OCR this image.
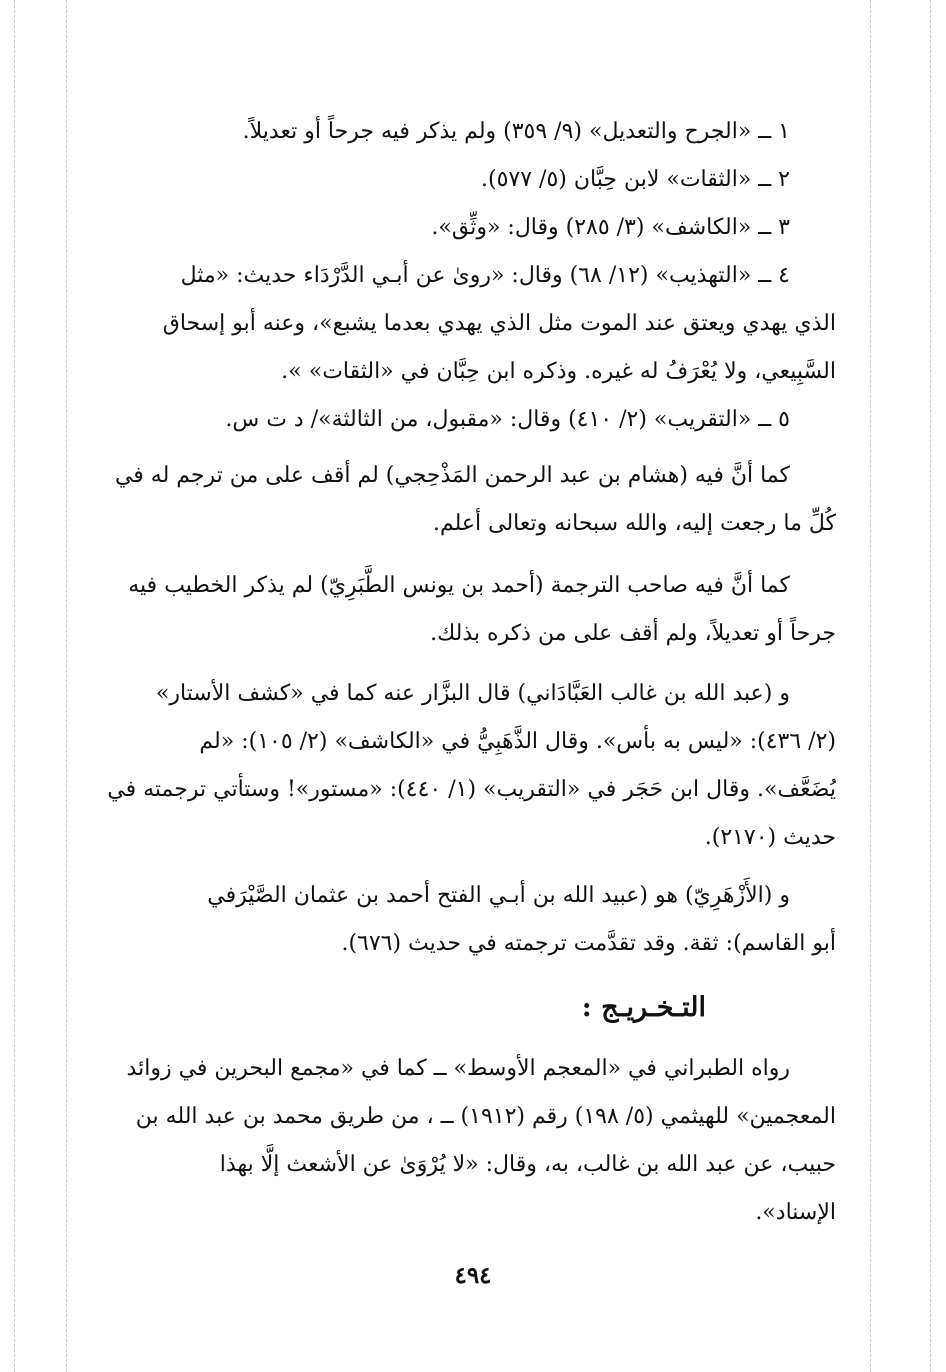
١ ــ «الجرح والتعديل» (٩/ ٣٥٩) ولم يذكر فيه جرحاً أو تعديلاً.
٢ ــ «الثقات» لابن حِبَّان (٥/ ٥٧٧).
٣ ــ «الكاشف» (٣/ ٢٨٥) وقال: «وثِّق».
٤ ــ «التهذيب» (١٢/ ٦٨) وقال: «روىٰ عن أبـي الدَّرْدَاء حديث: «مثل
الذي يهدي ويعتق عند الموت مثل الذي يهدي بعدما يشبع»، وعنه أبو إسحاق
السَّبِيعي، ولا يُعْرَفُ له غيره. وذكره ابن حِبَّان في «الثقات» ».
٥ ــ «التقريب» (٢/ ٤١٠) وقال: «مقبول، من الثالثة»/ د ت س.
كما أنَّ فيه (هشام بن عبد الرحمن المَذْحِجي) لم أقف على من ترجم له في
كُلِّ ما رجعت إليه، والله سبحانه وتعالى أعلم.
كما أنَّ فيه صاحب الترجمة (أحمد بن يونس الطَّبَرِيّ) لم يذكر الخطيب فيه
جرحاً أو تعديلاً، ولم أقف على من ذكره بذلك.
و (عبد الله بن غالب العَبَّادَاني) قال البزَّار عنه كما في «كشف الأستار»
(٢/ ٤٣٦): «ليس به بأس». وقال الذَّهَبِيُّ في «الكاشف» (٢/ ١٠٥): «لم
يُضَعَّف». وقال ابن حَجَر في «التقريب» (١/ ٤٤٠): «مستور»! وستأتي ترجمته في
حديث (٢١٧٠).
و (الأَزْهَرِيّ) هو (عبيد الله بن أبـي الفتح أحمد بن عثمان الصَّيْرَفي
أبو القاسم): ثقة. وقد تقدَّمت ترجمته في حديث (٦٧٦).
التـخـريـج :
رواه الطبراني في «المعجم الأوسط» ــ كما في «مجمع البحرين في زوائد
المعجمين» للهيثمي (٥/ ١٩٨) رقم (١٩١٢) ــ ، من طريق محمد بن عبد الله بن
حبيب، عن عبد الله بن غالب، به، وقال: «لا يُرْوَىٰ عن الأشعث إلَّا بهذا
الإسناد».
٤٩٤
